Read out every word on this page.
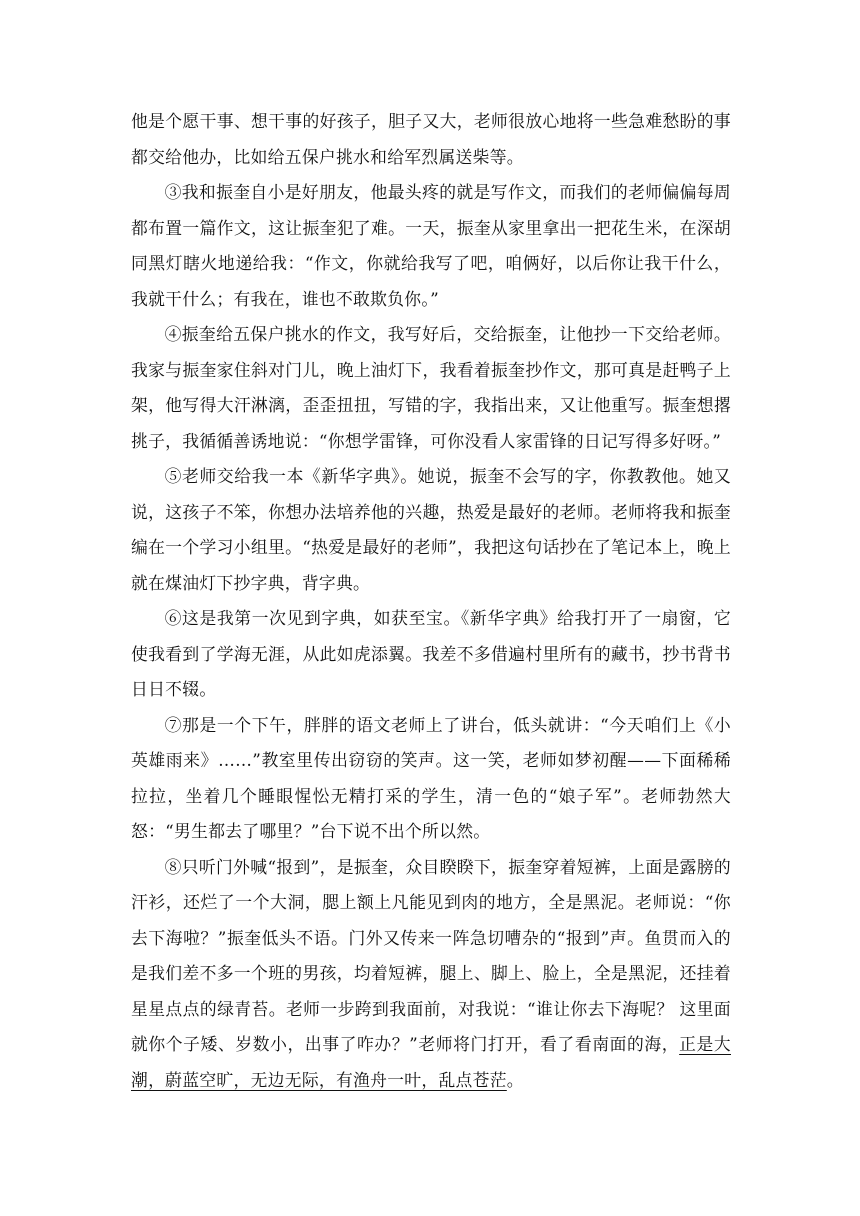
他是个愿干事、想干事的好孩子，胆子又大，老师很放心地将一些急难愁盼的事都交给他办，比如给五保户挑水和给军烈属送柴等。

③我和振奎自小是好朋友，他最头疼的就是写作文，而我们的老师偏偏每周都布置一篇作文，这让振奎犯了难。一天，振奎从家里拿出一把花生米，在深胡同黑灯瞎火地递给我：“作文，你就给我写了吧，咱俩好，以后你让我干什么，我就干什么；有我在，谁也不敢欺负你。”

④振奎给五保户挑水的作文，我写好后，交给振奎，让他抄一下交给老师。我家与振奎家住斜对门儿，晚上油灯下，我看着振奎抄作文，那可真是赶鸭子上架，他写得大汗淋漓，歪歪扭扭，写错的字，我指出来，又让他重写。振奎想撂挑子，我循循善诱地说：“你想学雷锋，可你没看人家雷锋的日记写得多好呀。”

⑤老师交给我一本《新华字典》。她说，振奎不会写的字，你教教他。她又说，这孩子不笨，你想办法培养他的兴趣，热爱是最好的老师。老师将我和振奎编在一个学习小组里。“热爱是最好的老师”，我把这句话抄在了笔记本上，晚上就在煤油灯下抄字典，背字典。

⑥这是我第一次见到字典，如获至宝。《新华字典》给我打开了一扇窗，它使我看到了学海无涯，从此如虎添翼。我差不多借遍村里所有的藏书，抄书背书日日不辍。

⑦那是一个下午，胖胖的语文老师上了讲台，低头就讲：“今天咱们上《小英雄雨来》……”教室里传出窃窃的笑声。这一笑，老师如梦初醒——下面稀稀拉拉，坐着几个睡眼惺忪无精打采的学生，清一色的“娘子军”。老师勃然大怒：“男生都去了哪里？”台下说不出个所以然。

⑧只听门外喊“报到”，是振奎，众目睽睽下，振奎穿着短裤，上面是露膀的汗衫，还烂了一个大洞，腮上额上凡能见到肉的地方，全是黑泥。老师说：“你去下海啦？”振奎低头不语。门外又传来一阵急切嘈杂的“报到”声。鱼贯而入的是我们差不多一个班的男孩，均着短裤，腿上、脚上、脸上，全是黑泥，还挂着星星点点的绿青苔。老师一步跨到我面前，对我说：“谁让你去下海呢？ 这里面就你个子矮、岁数小，出事了咋办？”老师将门打开，看了看南面的海，正是大潮，蔚蓝空旷，无边无际，有渔舟一叶，乱点苍茫。
